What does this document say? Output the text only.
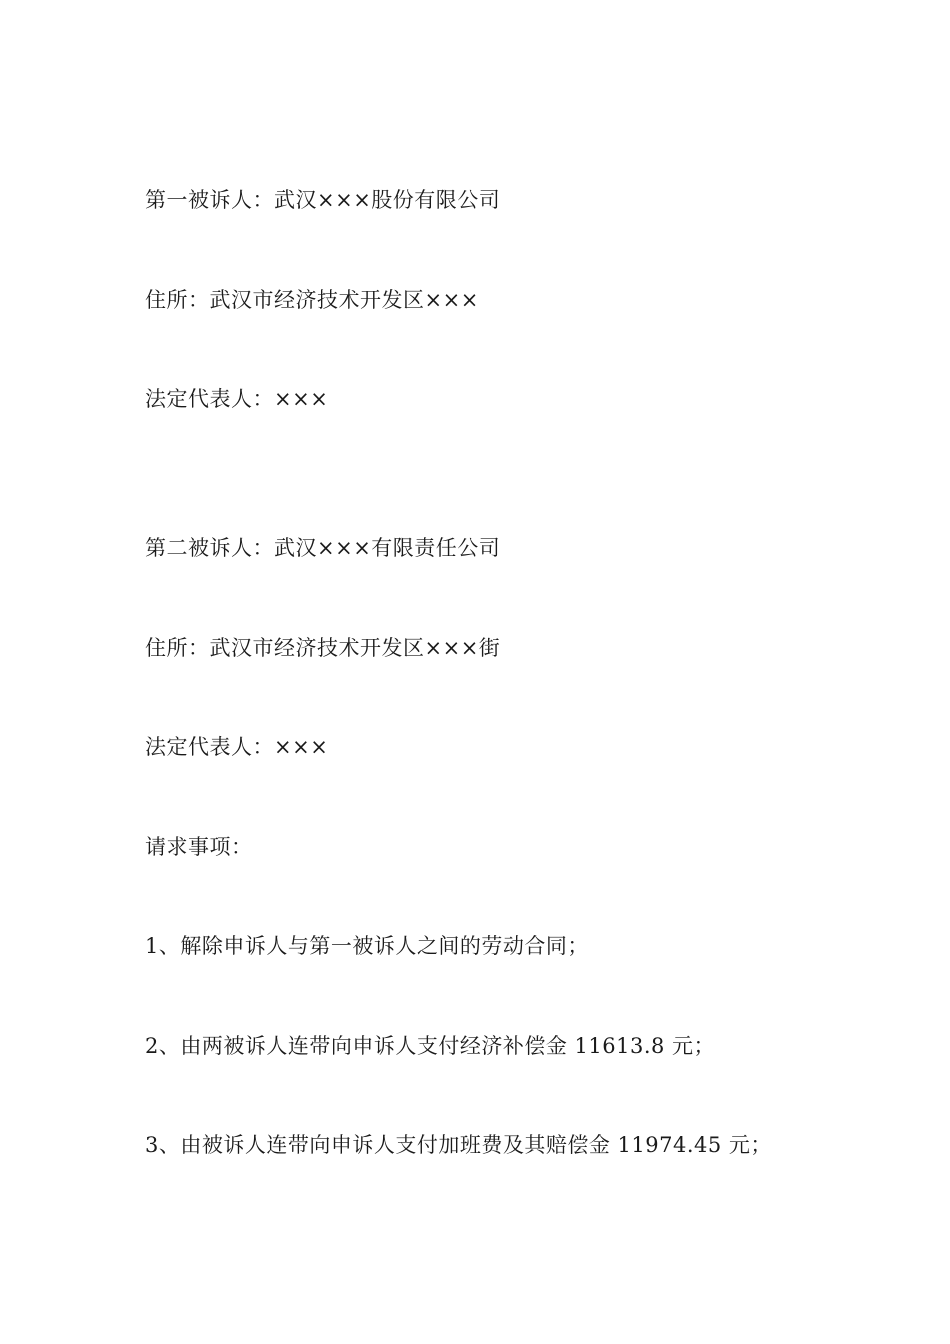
第一被诉人：武汉×××股份有限公司
住所：武汉市经济技术开发区×××
法定代表人：×××
第二被诉人：武汉×××有限责任公司
住所：武汉市经济技术开发区×××街
法定代表人：×××
请求事项：
1、解除申诉人与第一被诉人之间的劳动合同；
2、由两被诉人连带向申诉人支付经济补偿金 11613.8 元；
3、由被诉人连带向申诉人支付加班费及其赔偿金 11974.45 元；
